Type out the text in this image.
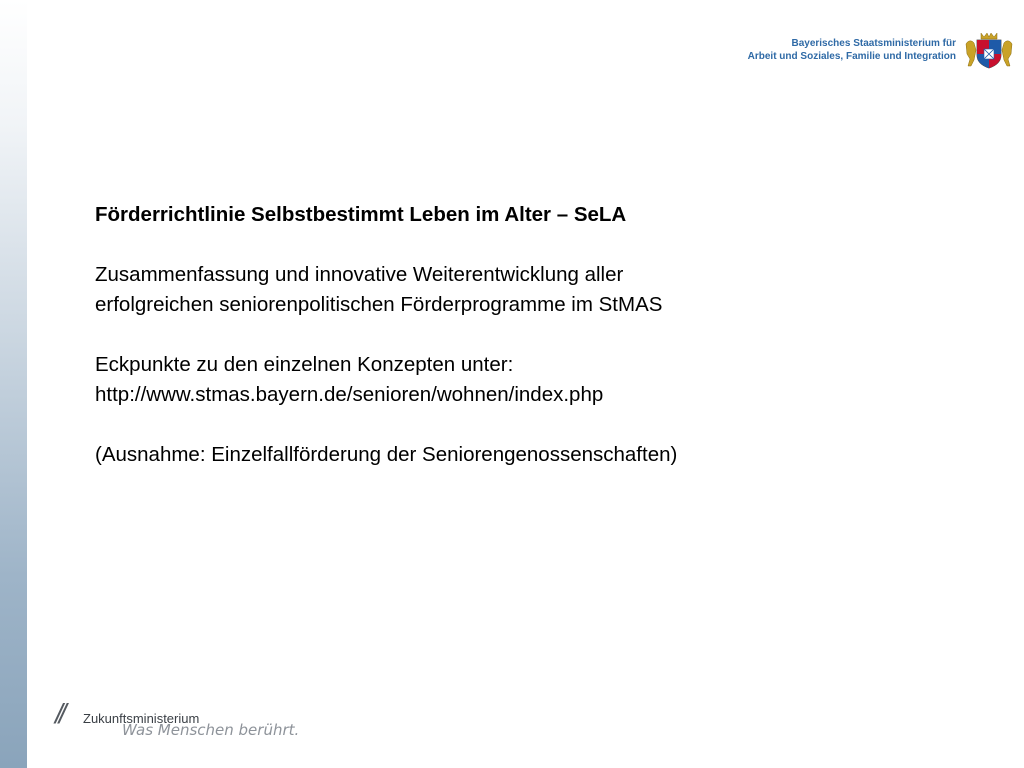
Bayerisches Staatsministerium für
Arbeit und Soziales, Familie und Integration

Förderrichtlinie Selbstbestimmt Leben im Alter – SeLA

Zusammenfassung und innovative Weiterentwicklung aller

erfolgreichen seniorenpolitischen Förderprogramme im StMAS

Eckpunkte zu den einzelnen Konzepten unter:

http://www.stmas.bayern.de/senioren/wohnen/index.php

(Ausnahme: Einzelfallförderung der Seniorengenossenschaften)

// Zukunftsministerium
Was Menschen berührt.
